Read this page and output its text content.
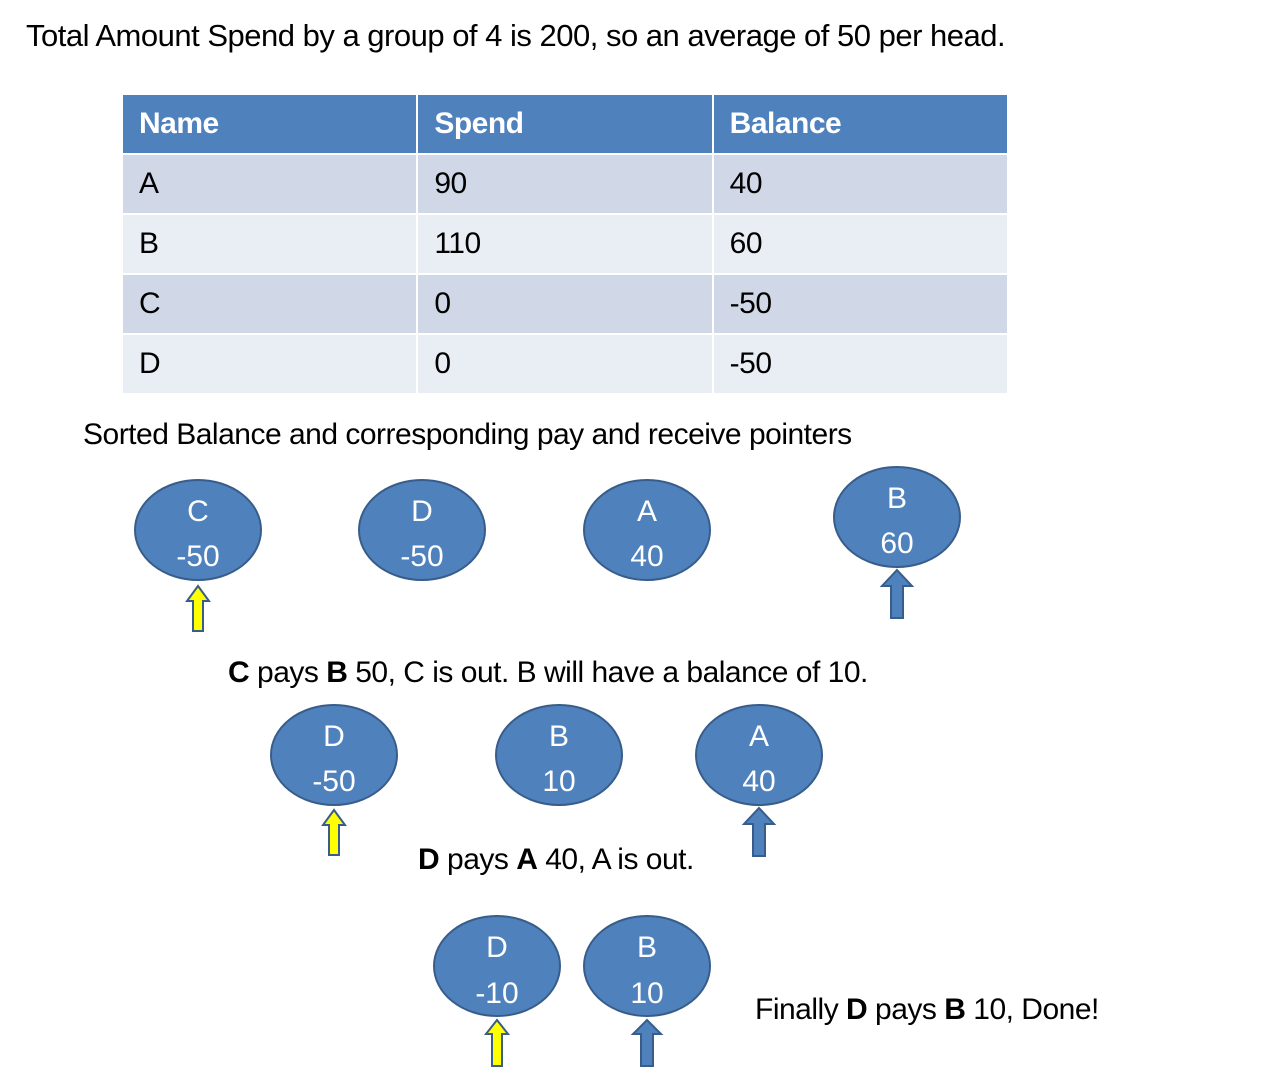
Total Amount Spend by a group of 4 is 200, so an average of 50 per head.
Name	Spend	Balance
A	90	40
B	110	60
C	0	-50
D	0	-50
Sorted Balance and corresponding pay and receive pointers
C pays B 50, C is out. B will have a balance of 10.
D pays A 40, A is out.
Finally D pays B 10, Done!
C
-50
D
-50
A
40
B
60
D
-50
B
10
A
40
D
-10
B
10
